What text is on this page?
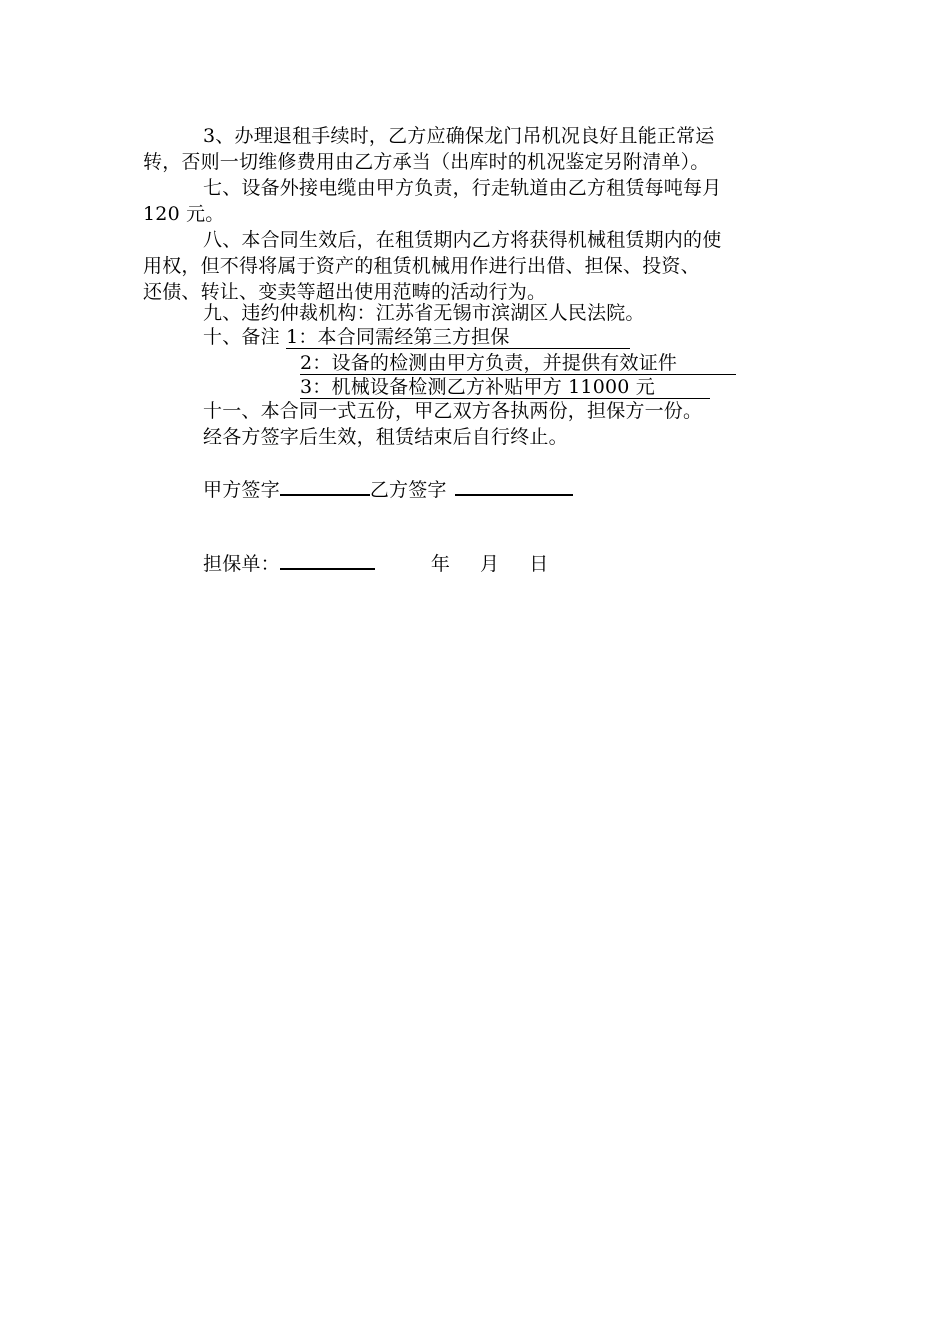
3、办理退租手续时，乙方应确保龙门吊机况良好且能正常运
转，否则一切维修费用由乙方承当（出库时的机况鉴定另附清单）。
七、设备外接电缆由甲方负责，行走轨道由乙方租赁每吨每月
120 元。
八、本合同生效后，在租赁期内乙方将获得机械租赁期内的使
用权，但不得将属于资产的租赁机械用作进行出借、担保、投资、
还债、转让、变卖等超出使用范畴的活动行为。
九、违约仲裁机构：江苏省无锡市滨湖区人民法院。
十、备注 1：本合同需经第三方担保
2：设备的检测由甲方负责，并提供有效证件
3：机械设备检测乙方补贴甲方 11000 元
十一、本合同一式五份，甲乙双方各执两份，担保方一份。
经各方签字后生效，租赁结束后自行终止。
甲方签字	乙方签字
担保单：	年 月 日
